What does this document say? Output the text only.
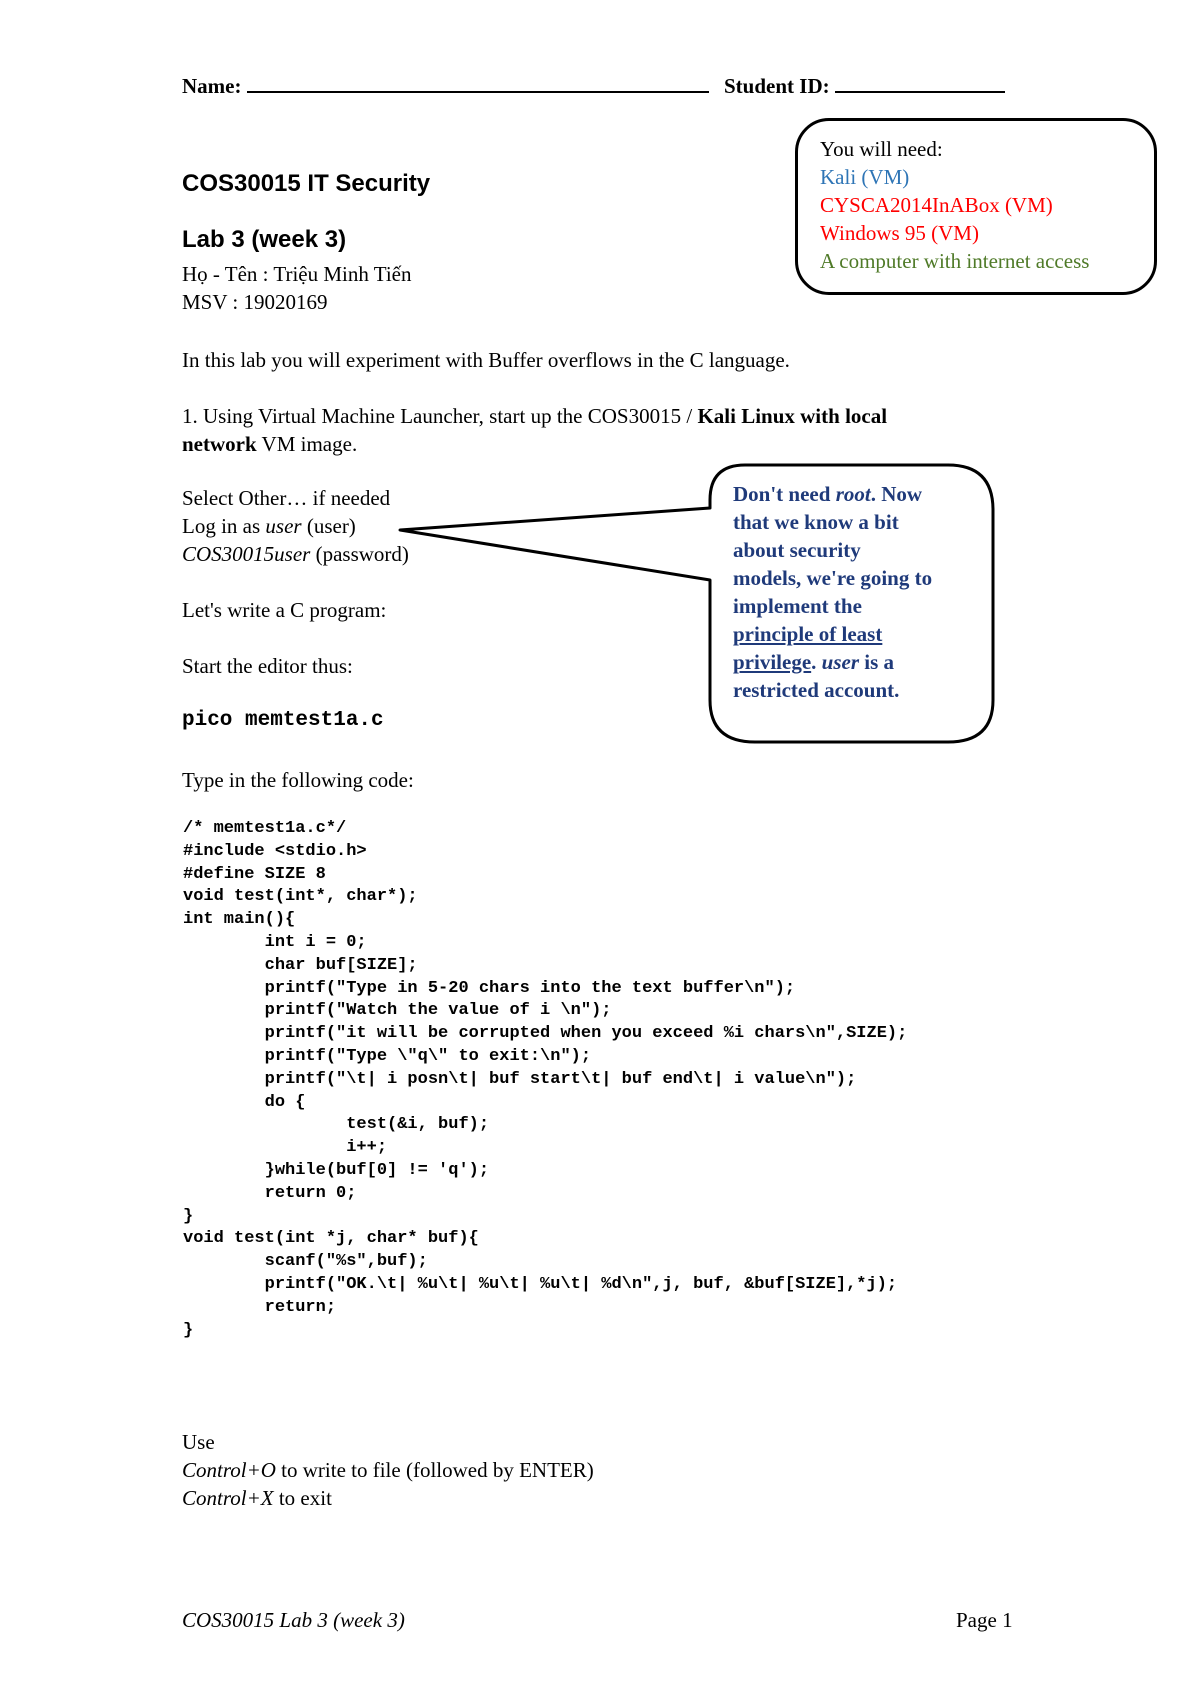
Name:	Student ID:
You will need:
Kali (VM)
CYSCA2014InABox (VM)
Windows 95 (VM)
A computer with internet access
COS30015 IT Security
Lab 3 (week 3)
Họ - Tên : Triệu Minh Tiến
MSV : 19020169
In this lab you will experiment with Buffer overflows in the C language.
1. Using Virtual Machine Launcher, start up the COS30015 / Kali Linux with local
network VM image.
Select Other… if needed
Log in as user (user)
COS30015user (password)
Don't need root. Now
that we know a bit
about security
models, we're going to
implement the
principle of least
privilege. user is a
restricted account.
Let's write a C program:
Start the editor thus:
pico memtest1a.c
Type in the following code:
/* memtest1a.c*/
#include <stdio.h>
#define SIZE 8
void test(int*, char*);
int main(){
int i = 0;
char buf[SIZE];
printf("Type in 5-20 chars into the text buffer\n");
printf("Watch the value of i \n");
printf("it will be corrupted when you exceed %i chars\n",SIZE);
printf("Type \"q\" to exit:\n");
printf("\t| i posn\t| buf start\t| buf end\t| i value\n");
do {
test(&i, buf);
i++;
}while(buf[0] != 'q');
return 0;
}
void test(int *j, char* buf){
scanf("%s",buf);
printf("OK.\t| %u\t| %u\t| %u\t| %d\n",j, buf, &buf[SIZE],*j);
return;
}
Use
Control+O to write to file (followed by ENTER)
Control+X to exit
COS30015 Lab 3 (week 3)	Page 1
